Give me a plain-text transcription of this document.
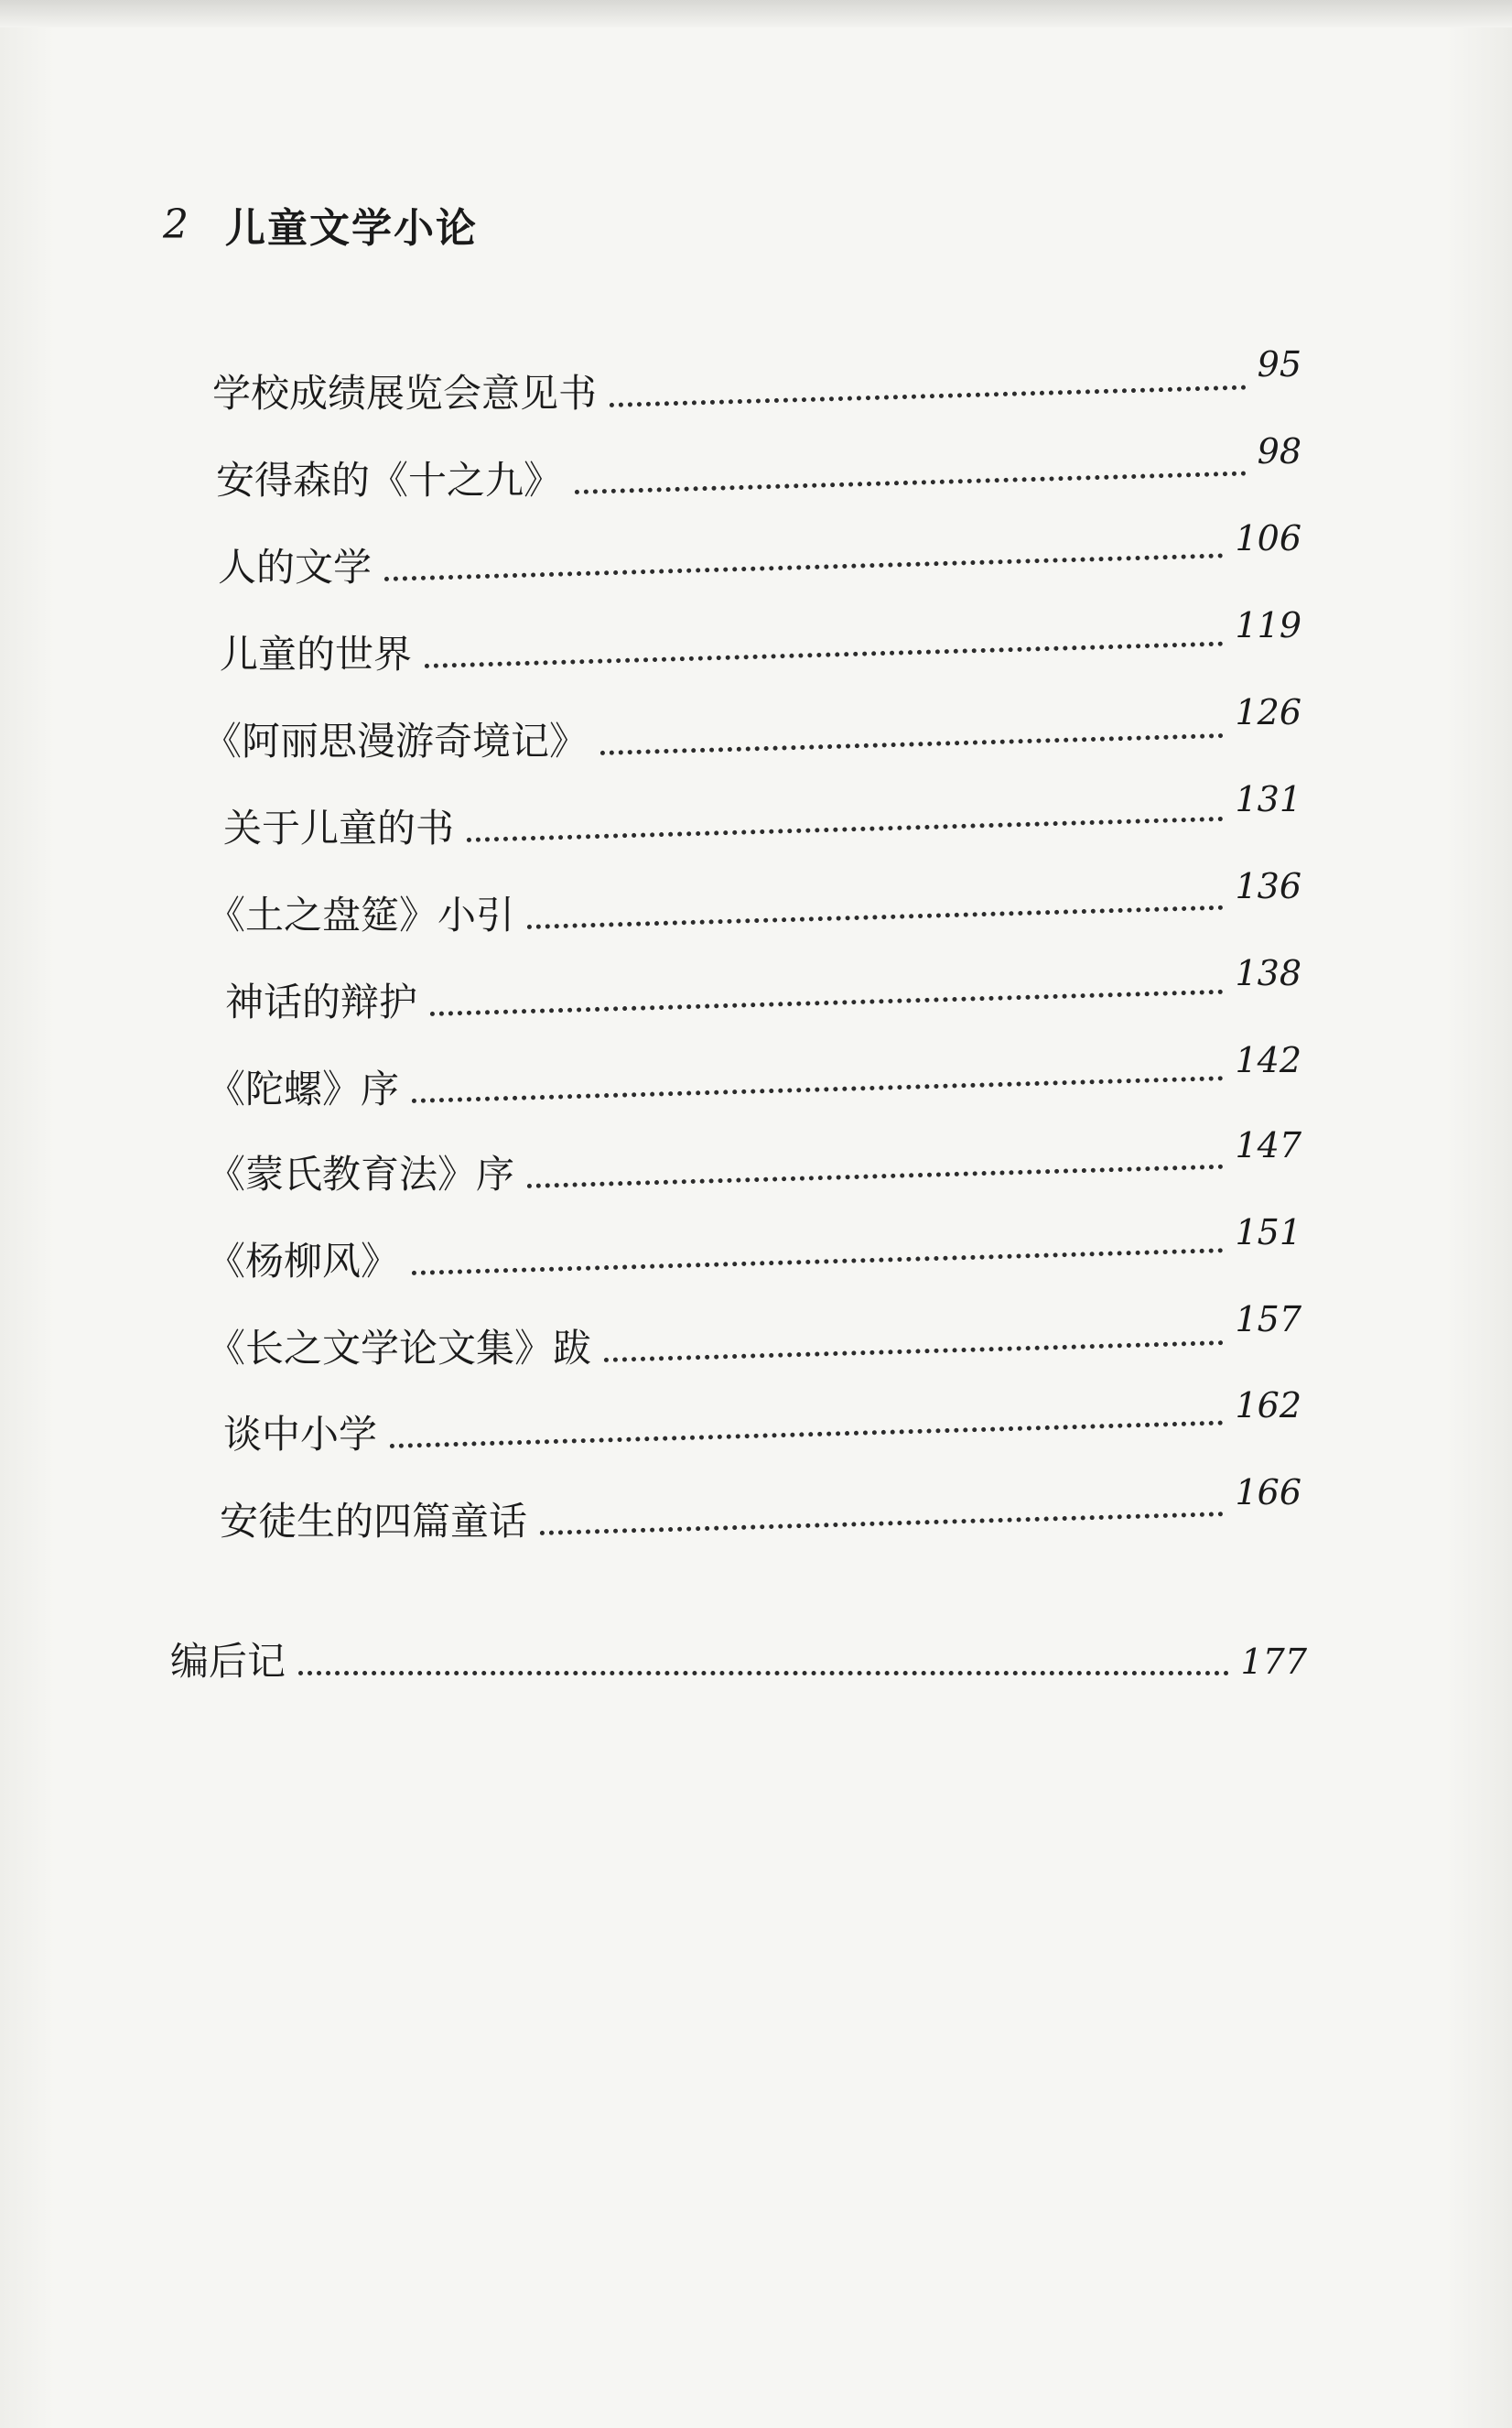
2 儿童文学小论
学校成绩展览会意见书
95
安得森的《十之九》
98
人的文学
106
儿童的世界
119
《阿丽思漫游奇境记》
126
关于儿童的书
131
《土之盘筵》小引
136
神话的辩护
138
《陀螺》序
142
《蒙氏教育法》序
147
《杨柳风》
151
《长之文学论文集》跋
157
谈中小学
162
安徒生的四篇童话
166
编后记	177
